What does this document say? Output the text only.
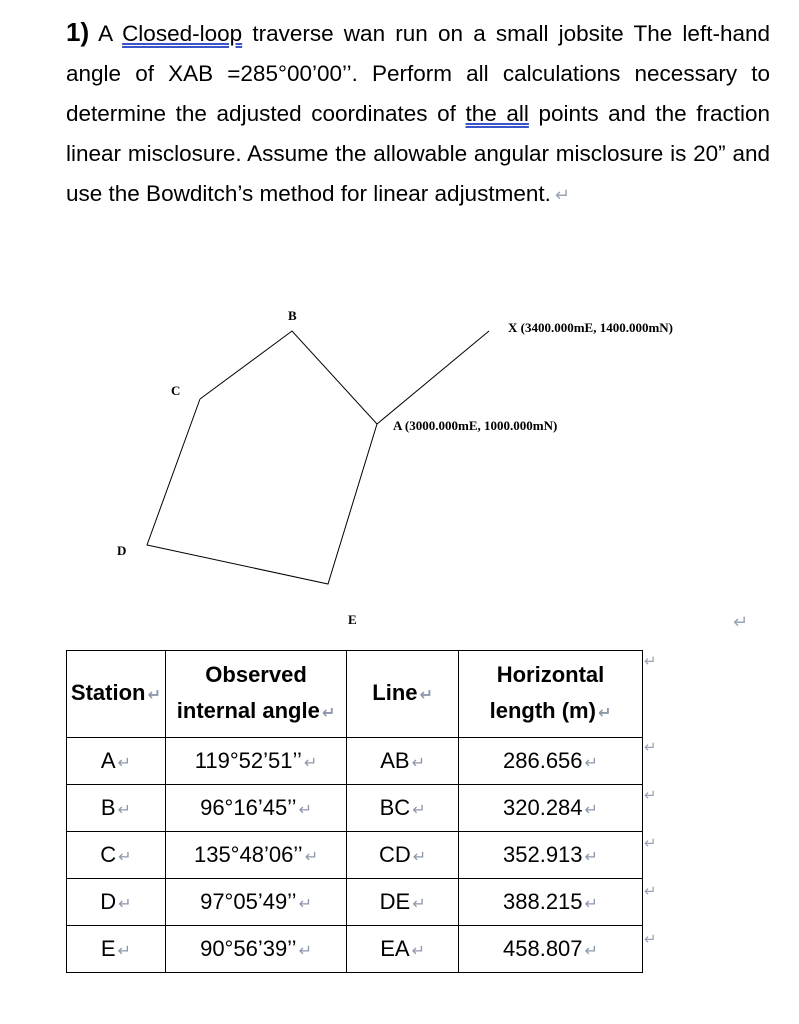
1) A Closed-loop traverse wan run on a small jobsite The left-hand angle of XAB =285°00’00’’. Perform all calculations necessary to determine the adjusted coordinates of the all points and the fraction linear misclosure. Assume the allowable angular misclosure is 20” and use the Bowditch’s method for linear adjustment. ↵

B
C
D
E
X (3400.000mE, 1400.000mN)
A (3000.000mE, 1000.000mN)
↵
Station ↵	Observed
internal angle ↵	Line ↵	Horizontal
length (m) ↵
A ↵	119°52’51’’ ↵	AB ↵	286.656 ↵
B ↵	96°16’45’’ ↵	BC ↵	320.284 ↵
C ↵	135°48’06’’ ↵	CD ↵	352.913 ↵
D ↵	97°05’49’’ ↵	DE ↵	388.215 ↵
E ↵	90°56’39’’ ↵	EA ↵	458.807 ↵
↵
↵
↵
↵
↵
↵
